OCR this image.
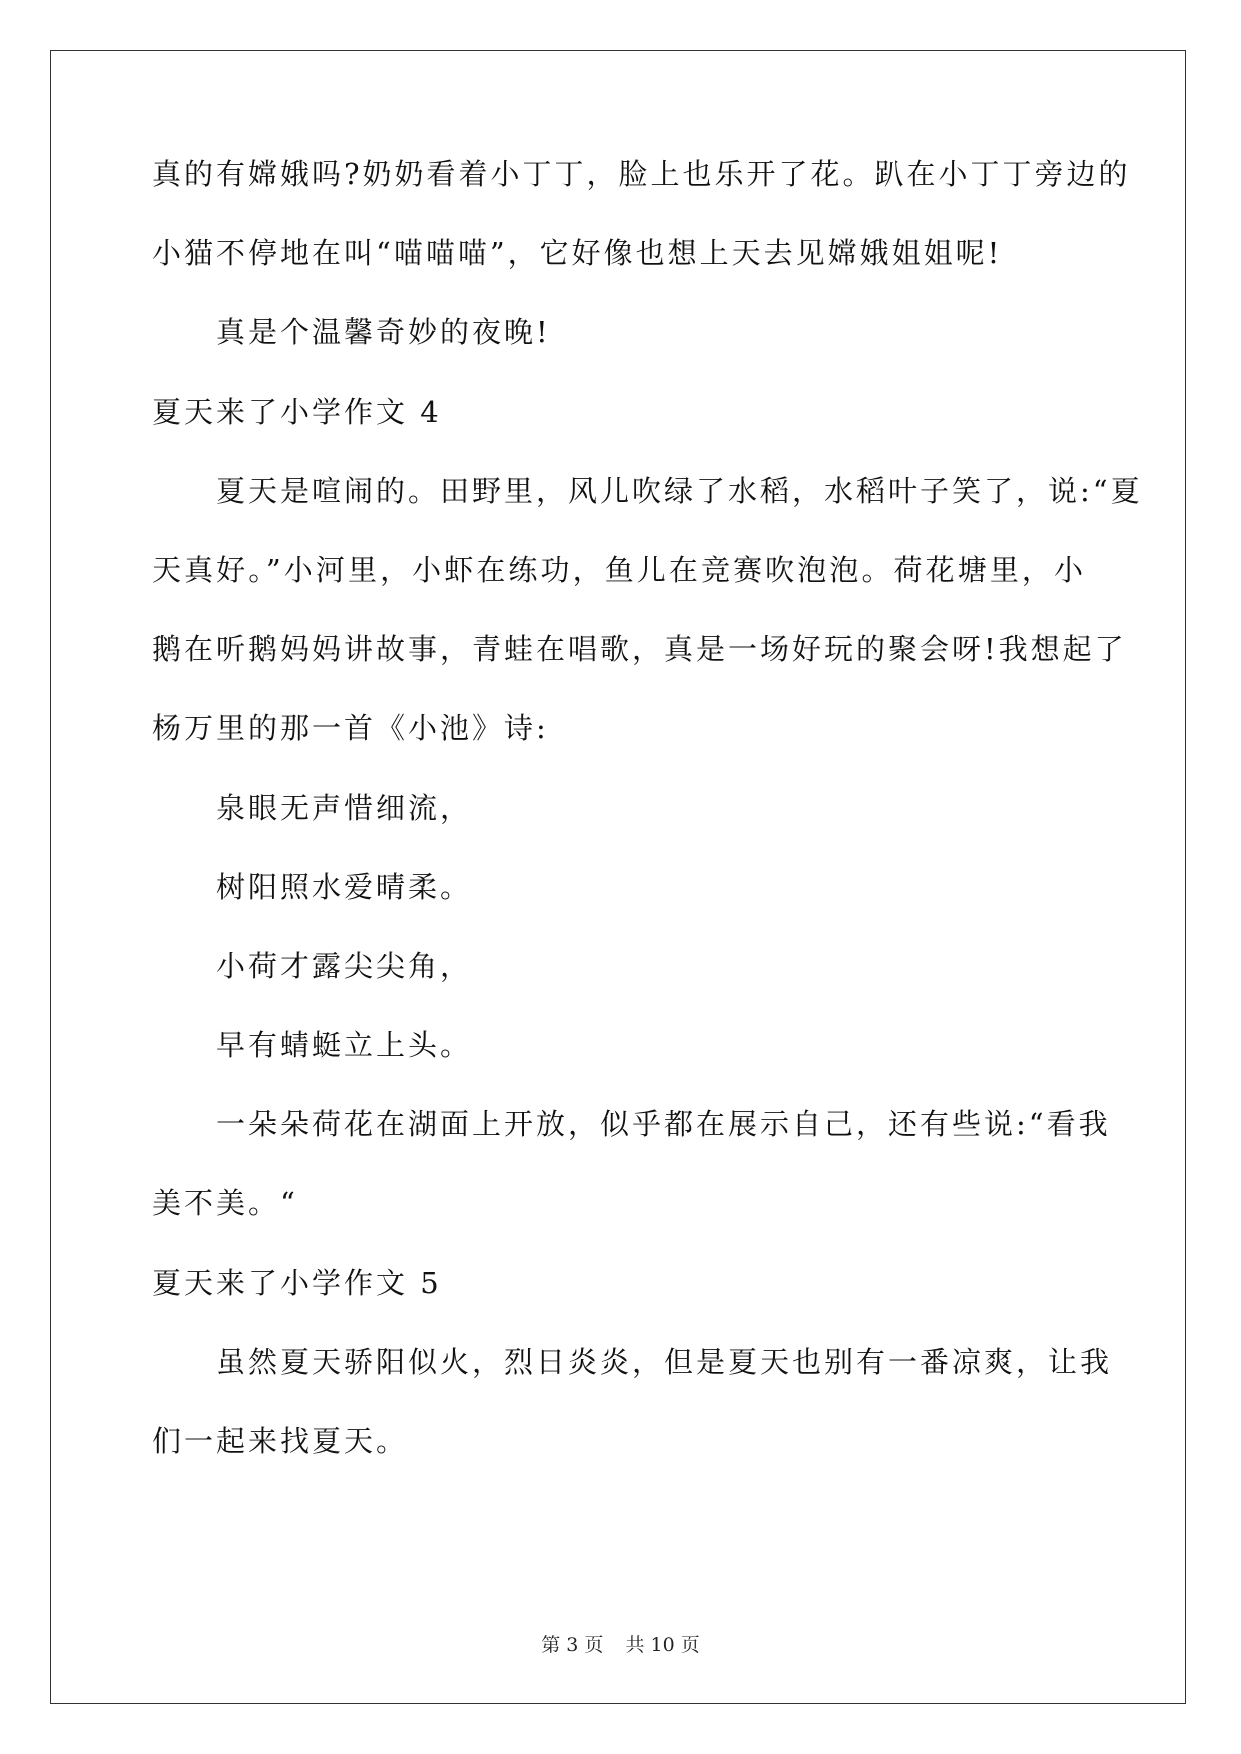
真的有嫦娥吗?奶奶看着小丁丁，脸上也乐开了花。趴在小丁丁旁边的
小猫不停地在叫“喵喵喵”，它好像也想上天去见嫦娥姐姐呢!
真是个温馨奇妙的夜晚!
夏天来了小学作文 4
夏天是喧闹的。田野里，风儿吹绿了水稻，水稻叶子笑了，说:“夏
天真好。”小河里，小虾在练功，鱼儿在竞赛吹泡泡。荷花塘里，小
鹅在听鹅妈妈讲故事，青蛙在唱歌，真是一场好玩的聚会呀!我想起了
杨万里的那一首《小池》诗:
泉眼无声惜细流，
树阳照水爱晴柔。
小荷才露尖尖角，
早有蜻蜓立上头。
一朵朵荷花在湖面上开放，似乎都在展示自己，还有些说:“看我
美不美。“
夏天来了小学作文 5
虽然夏天骄阳似火，烈日炎炎，但是夏天也别有一番凉爽，让我
们一起来找夏天。
第 3 页 共 10 页
